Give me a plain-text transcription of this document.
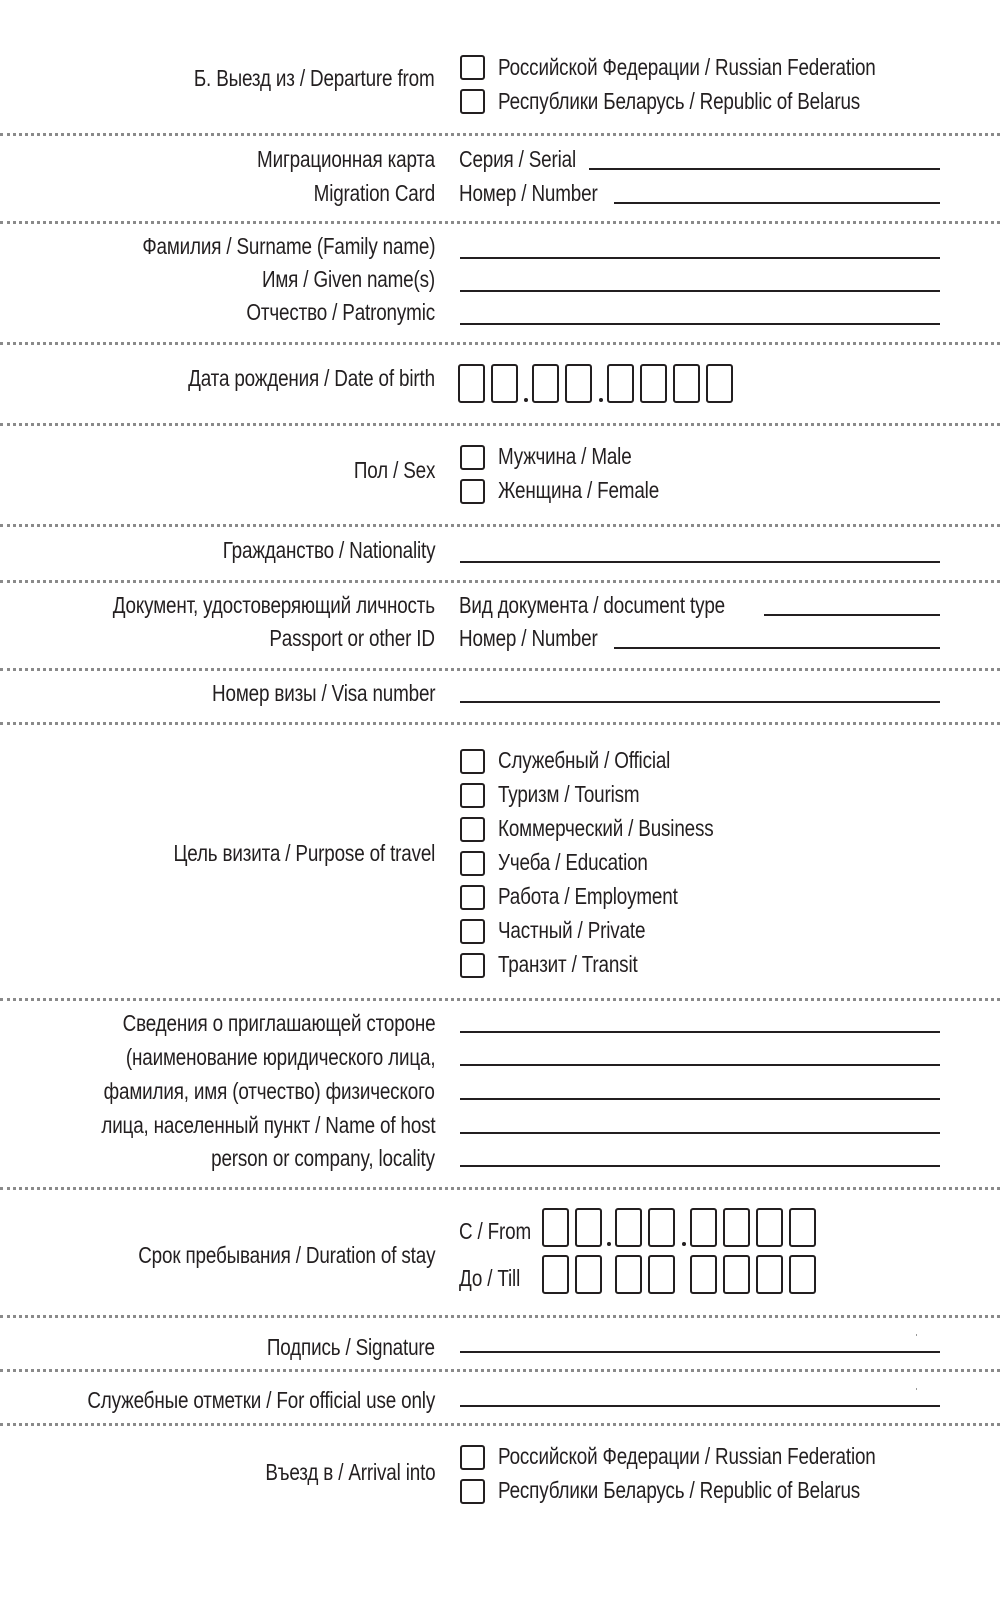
Б. Выезд из / Departure from	Российской Федерации / Russian Federation
Республики Беларусь / Republic of Belarus
Миграционная карта
Migration Card
Серия / Serial
Номер / Number
Фамилия / Surname (Family name)
Имя / Given name(s)
Отчество / Patronymic
Дата рождения / Date of birth
Пол / Sex
Мужчина / Male
Женщина / Female
Гражданство / Nationality
Документ, удостоверяющий личность
Passport or other ID
Вид документа / document type
Номер / Number
Номер визы / Visa number
Цель визита / Purpose of travel
Служебный / Official
Туризм / Tourism
Коммерческий / Business
Учеба / Education
Работа / Employment
Частный / Private
Транзит / Transit
Сведения о приглашающей стороне
(наименование юридического лица,
фамилия, имя (отчество) физического
лица, населенный пункт / Name of host
person or company, locality
Срок пребывания / Duration of stay
С / From
До / Till
Подпись / Signature
Служебные отметки / For official use only
Въезд в / Arrival into
Российской Федерации / Russian Federation
Республики Беларусь / Republic of Belarus
